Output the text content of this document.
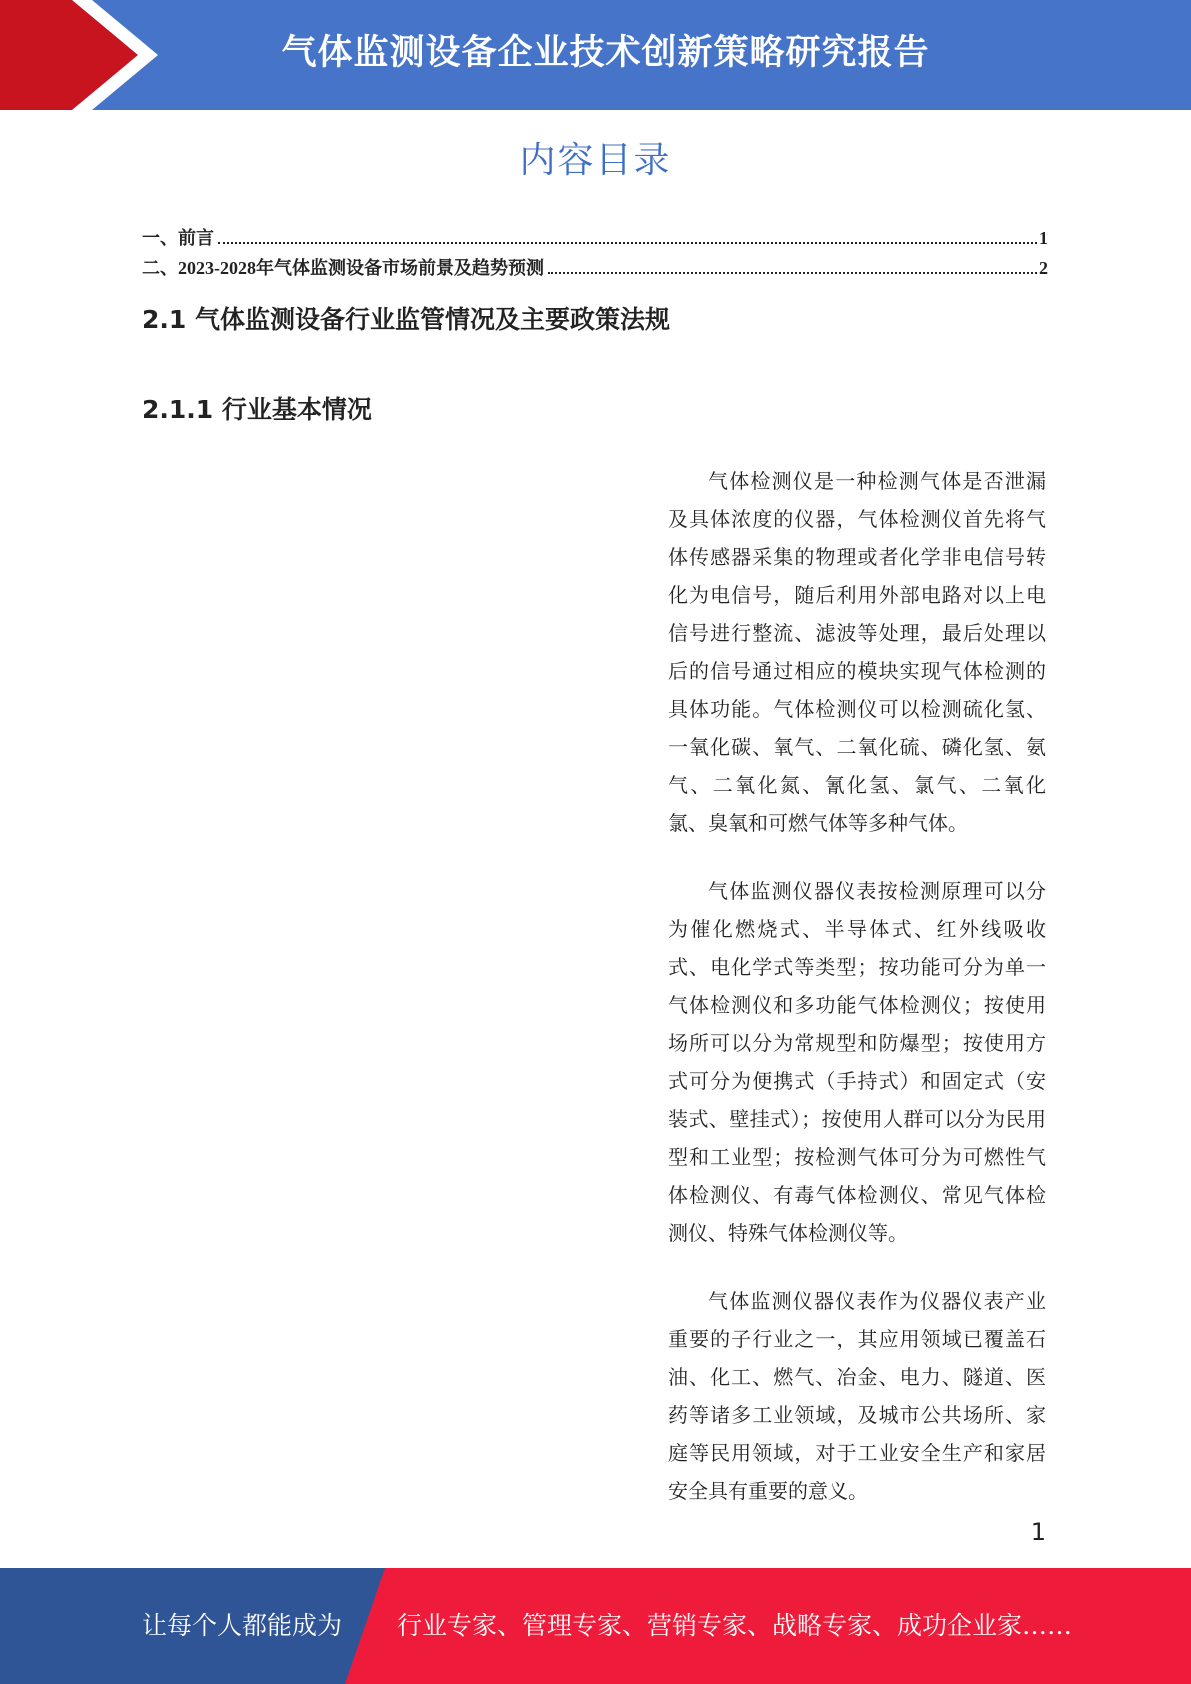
气体监测设备企业技术创新策略研究报告
内容目录
一、前言	1
二、2023-2028年气体监测设备市场前景及趋势预测	2
2.1 气体监测设备行业监管情况及主要政策法规
2.1.1 行业基本情况

气体检测仪是一种检测气体是否泄漏及具体浓度的仪器，气体检测仪首先将气体传感器采集的物理或者化学非电信号转化为电信号，随后利用外部电路对以上电信号进行整流、滤波等处理，最后处理以后的信号通过相应的模块实现气体检测的具体功能。气体检测仪可以检测硫化氢、一氧化碳、氧气、二氧化硫、磷化氢、氨气、二氧化氮、氰化氢、氯气、二氧化氯、臭氧和可燃气体等多种气体。

气体监测仪器仪表按检测原理可以分为催化燃烧式、半导体式、红外线吸收式、电化学式等类型；按功能可分为单一气体检测仪和多功能气体检测仪；按使用场所可以分为常规型和防爆型；按使用方式可分为便携式（手持式）和固定式（安装式、壁挂式）；按使用人群可以分为民用型和工业型；按检测气体可分为可燃性气体检测仪、有毒气体检测仪、常见气体检测仪、特殊气体检测仪等。

气体监测仪器仪表作为仪器仪表产业重要的子行业之一，其应用领域已覆盖石油、化工、燃气、冶金、电力、隧道、医药等诸多工业领域，及城市公共场所、家庭等民用领域，对于工业安全生产和家居安全具有重要的意义。

1
让每个人都能成为 行业专家、管理专家、营销专家、战略专家、成功企业家……
